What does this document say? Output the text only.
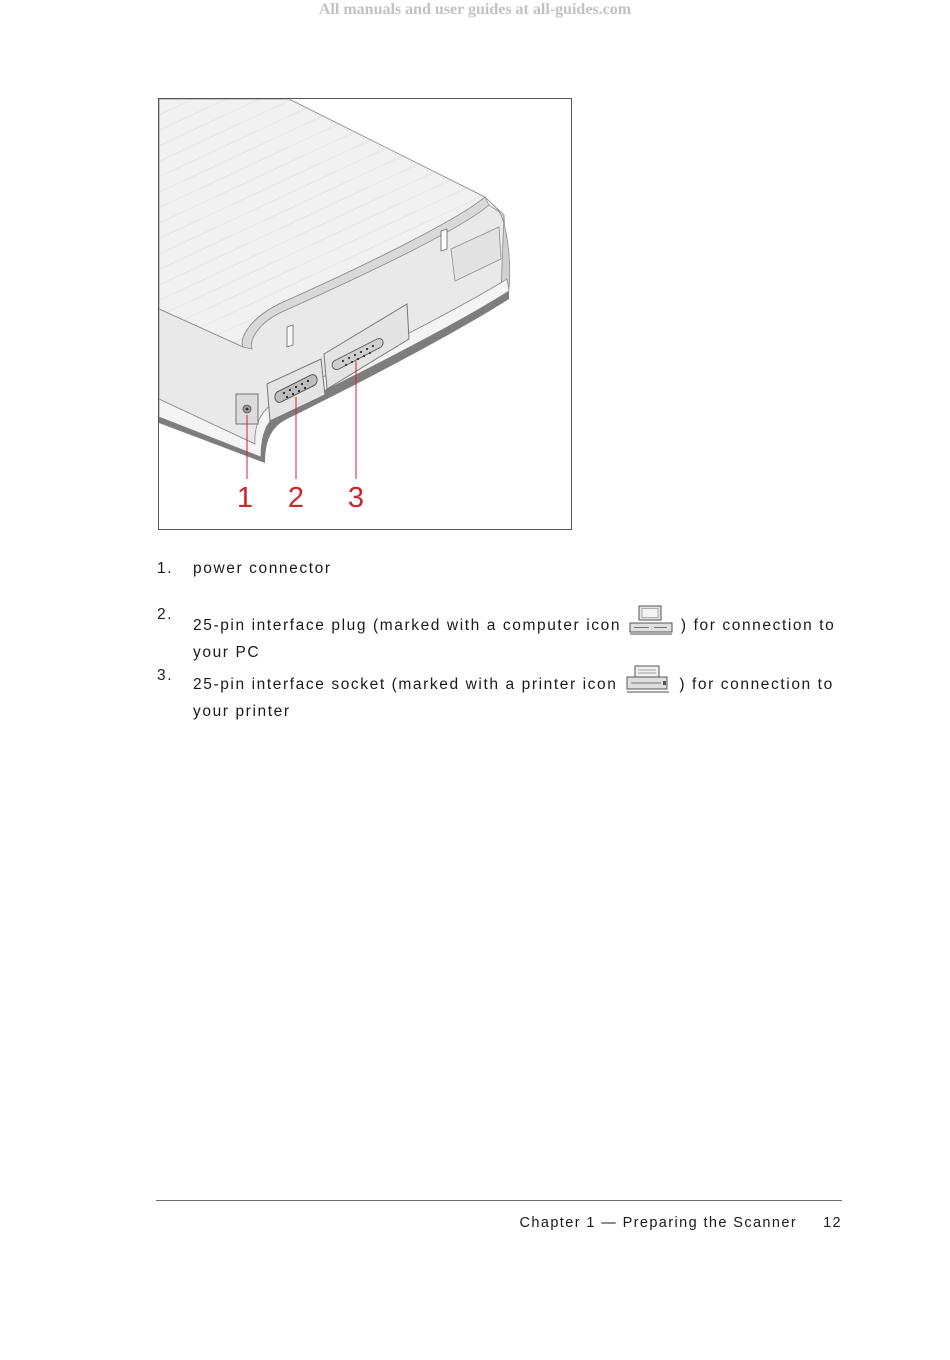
All manuals and user guides at all-guides.com
1 2 3
1. power connector
2.
25-pin interface plug (marked with a computer icon	) for connection to your PC
3.
25-pin interface socket (marked with a printer icon	) for connection to your printer
Chapter 1 — Preparing the Scanner 12
